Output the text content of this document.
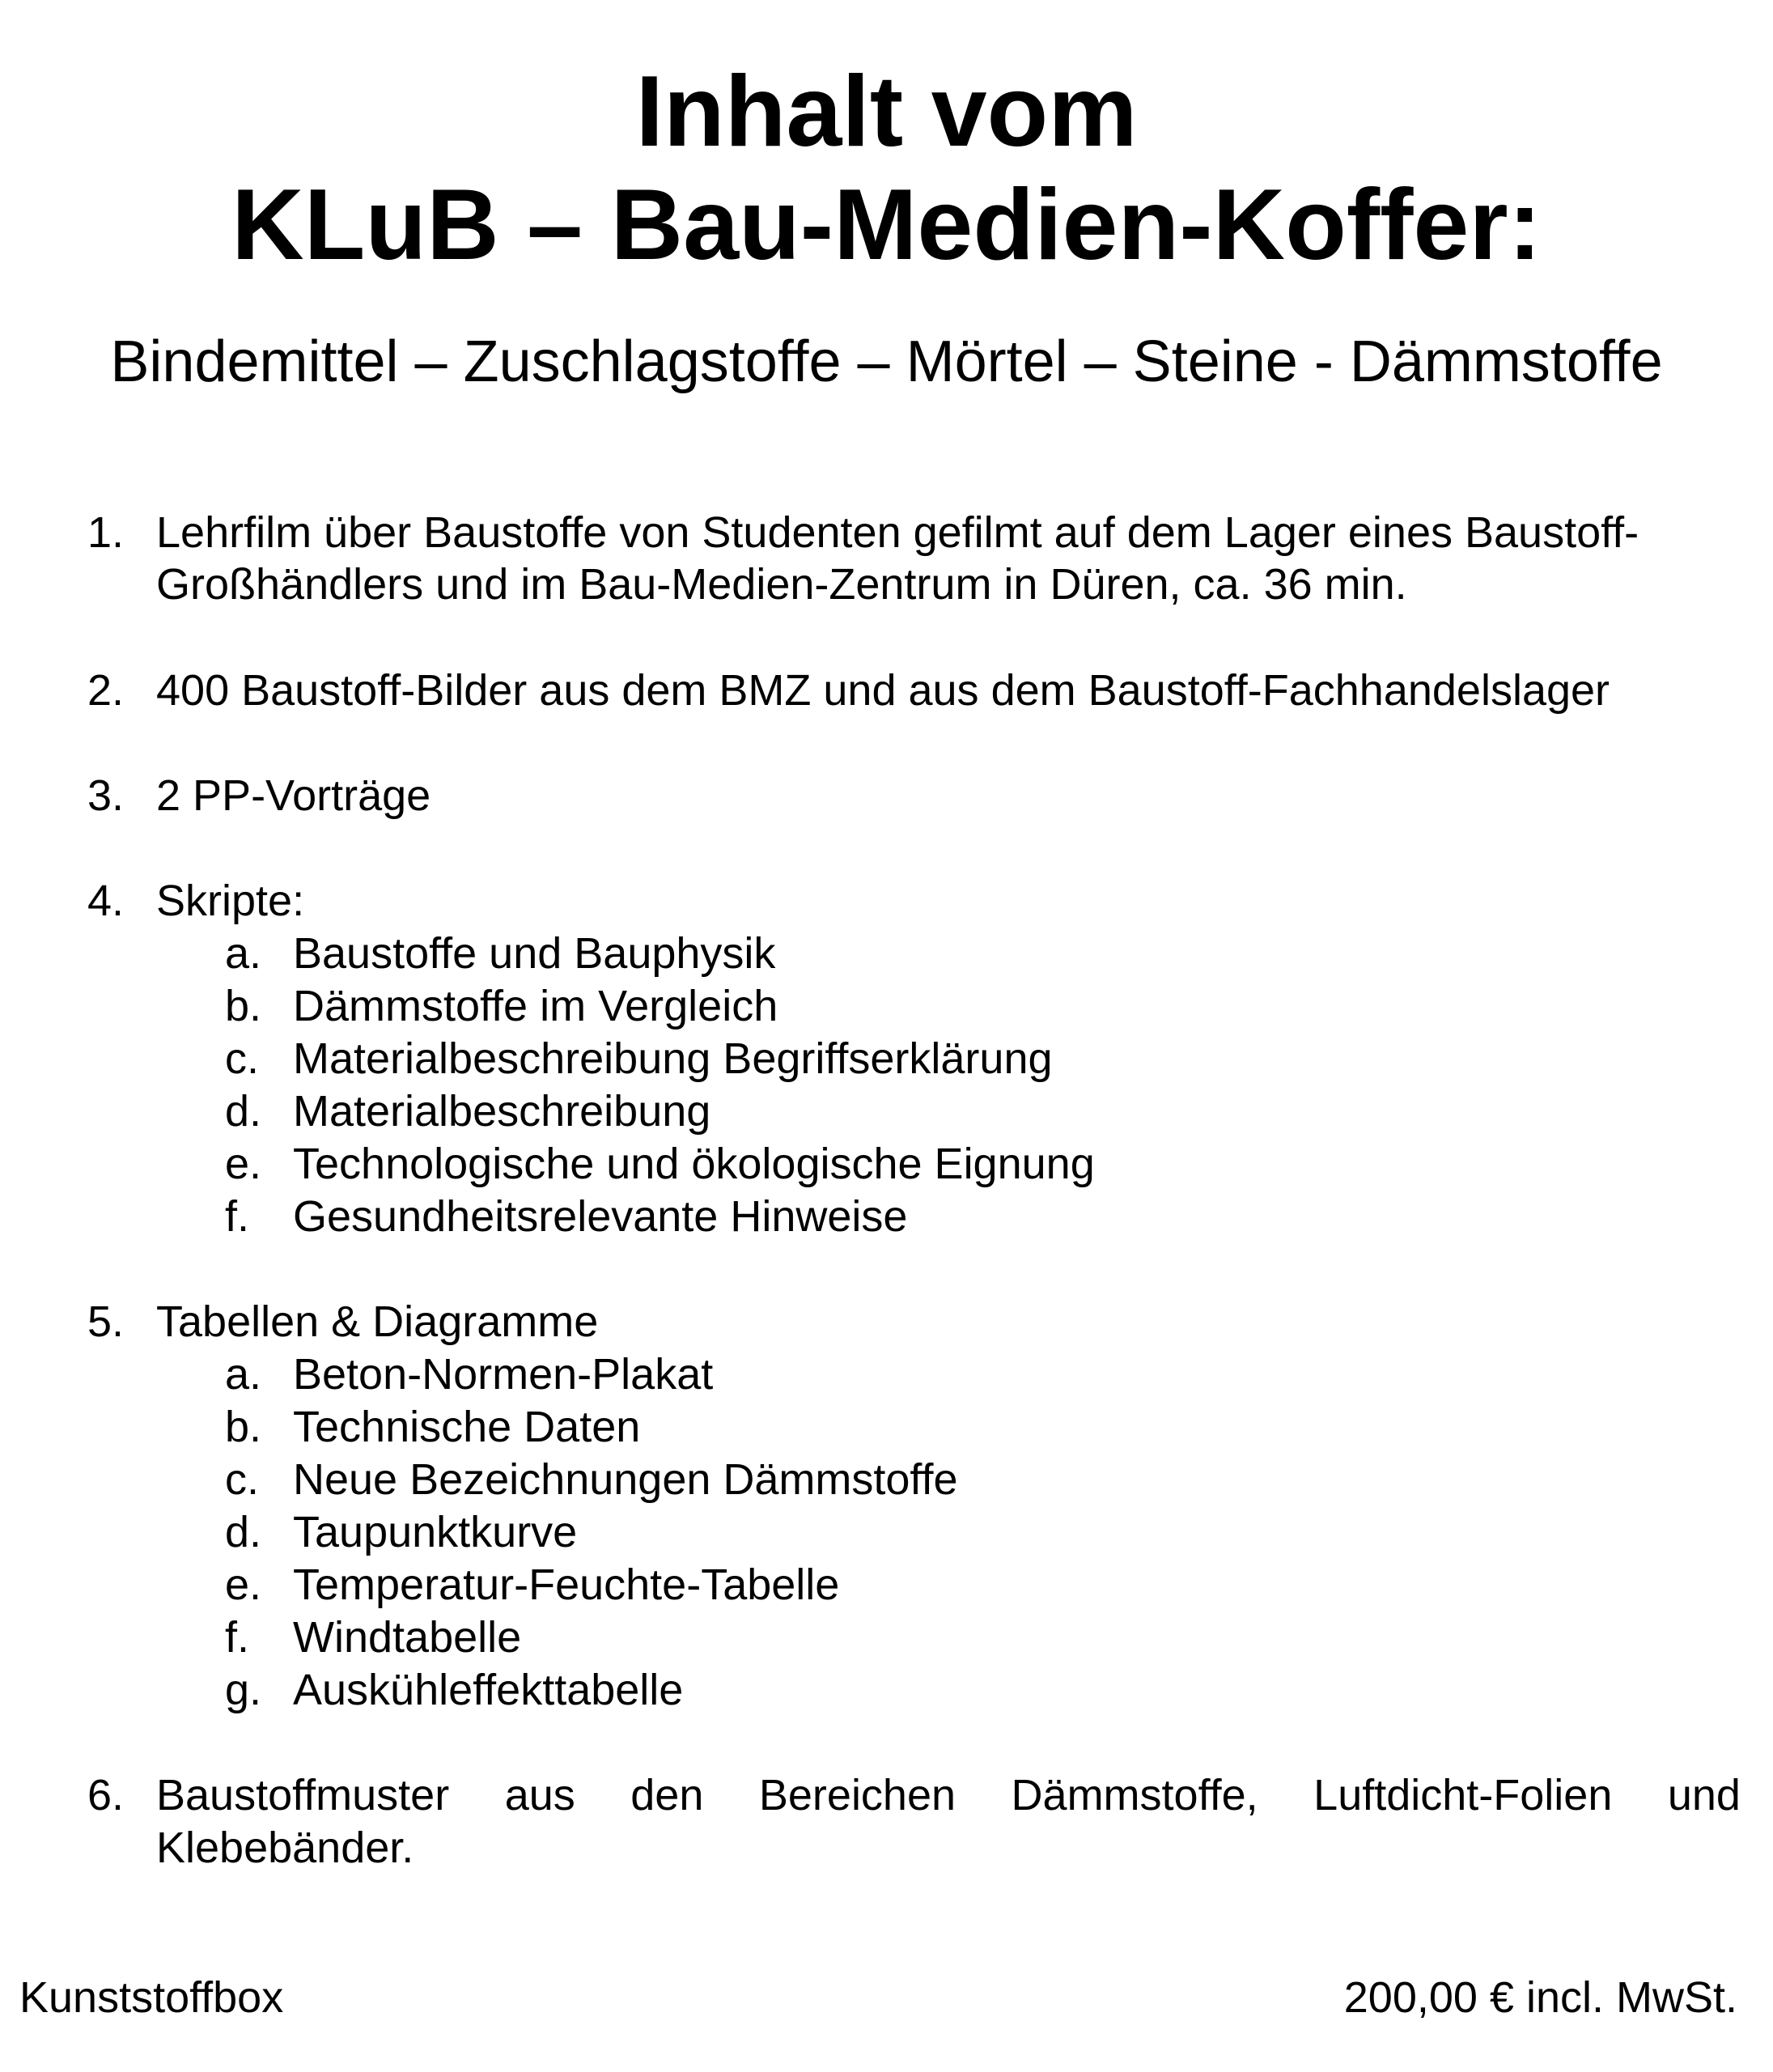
Inhalt vom
KLuB – Bau-Medien-Koffer:
Bindemittel – Zuschlagstoffe – Mörtel – Steine - Dämmstoffe
1. Lehrfilm über Baustoffe von Studenten gefilmt auf dem Lager eines Baustoff-
Großhändlers und im Bau-Medien-Zentrum in Düren, ca. 36 min.
2. 400 Baustoff-Bilder aus dem BMZ und aus dem Baustoff-Fachhandelslager
3. 2 PP-Vorträge
4. Skripte:
a. Baustoffe und Bauphysik
b. Dämmstoffe im Vergleich
c. Materialbeschreibung Begriffserklärung
d. Materialbeschreibung
e. Technologische und ökologische Eignung
f. Gesundheitsrelevante Hinweise
5. Tabellen & Diagramme
a. Beton-Normen-Plakat
b. Technische Daten
c. Neue Bezeichnungen Dämmstoffe
d. Taupunktkurve
e. Temperatur-Feuchte-Tabelle
f. Windtabelle
g. Auskühleffekttabelle
6. Baustoffmuster aus den Bereichen Dämmstoffe, Luftdicht-Folien und
Klebebänder.
Kunststoffbox	200,00 € incl. MwSt.
